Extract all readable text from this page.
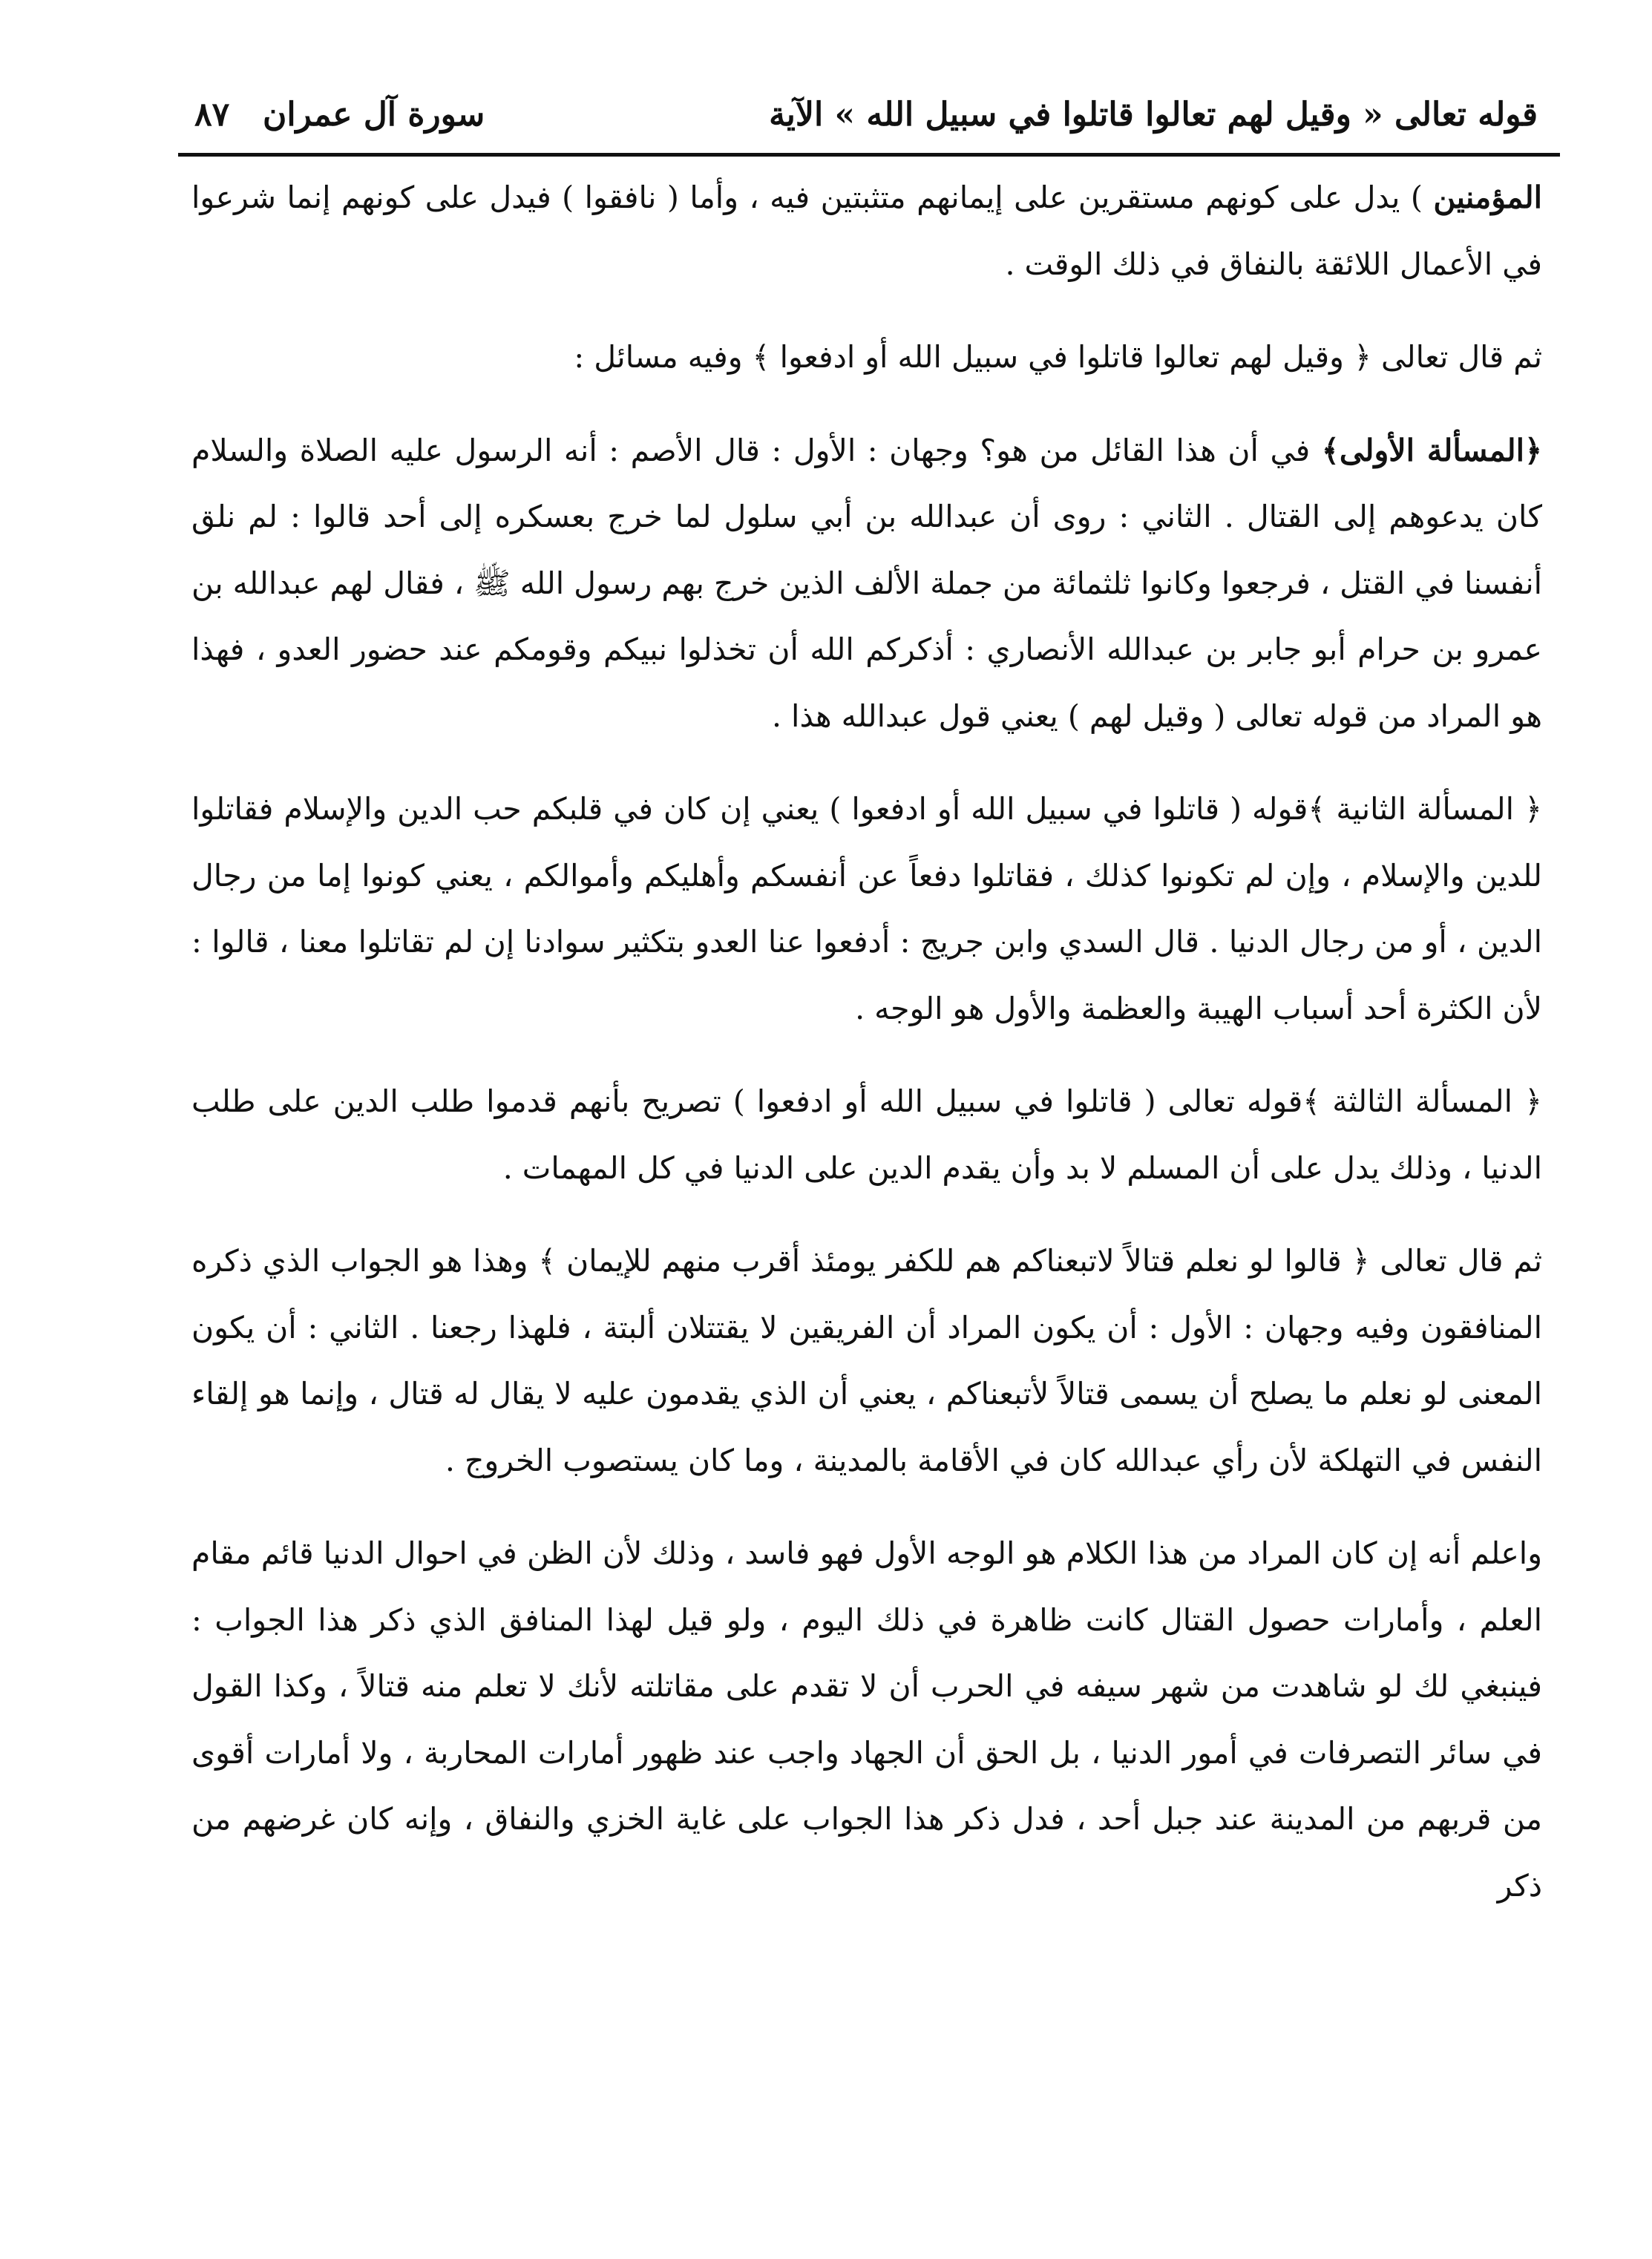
قوله تعالى « وقيل لهم تعالوا قاتلوا في سبيل الله » الآية
سورة آل عمران
٨٧

المؤمنين ) يدل على كونهم مستقرين على إيمانهم متثبتين فيه ، وأما ( نافقوا ) فيدل على كونهم إنما شرعوا في الأعمال اللائقة بالنفاق في ذلك الوقت .

ثم قال تعالى ﴿ وقيل لهم تعالوا قاتلوا في سبيل الله أو ادفعوا ﴾ وفيه مسائل :

﴿المسألة الأولى﴾ في أن هذا القائل من هو؟ وجهان : الأول : قال الأصم : أنه الرسول عليه الصلاة والسلام كان يدعوهم إلى القتال . الثاني : روى أن عبدالله بن أبي سلول لما خرج بعسكره إلى أحد قالوا : لم نلق أنفسنا في القتل ، فرجعوا وكانوا ثلثمائة من جملة الألف الذين خرج بهم رسول الله ﷺ ، فقال لهم عبدالله بن عمرو بن حرام أبو جابر بن عبدالله الأنصاري : أذكركم الله أن تخذلوا نبيكم وقومكم عند حضور العدو ، فهذا هو المراد من قوله تعالى ( وقيل لهم ) يعني قول عبدالله هذا .

﴿ المسألة الثانية ﴾قوله ( قاتلوا في سبيل الله أو ادفعوا ) يعني إن كان في قلبكم حب الدين والإسلام فقاتلوا للدين والإسلام ، وإن لم تكونوا كذلك ، فقاتلوا دفعاً عن أنفسكم وأهليكم وأموالكم ، يعني كونوا إما من رجال الدين ، أو من رجال الدنيا . قال السدي وابن جريج : أدفعوا عنا العدو بتكثير سوادنا إن لم تقاتلوا معنا ، قالوا : لأن الكثرة أحد أسباب الهيبة والعظمة والأول هو الوجه .

﴿ المسألة الثالثة ﴾قوله تعالى ( قاتلوا في سبيل الله أو ادفعوا ) تصريح بأنهم قدموا طلب الدين على طلب الدنيا ، وذلك يدل على أن المسلم لا بد وأن يقدم الدين على الدنيا في كل المهمات .

ثم قال تعالى ﴿ قالوا لو نعلم قتالاً لاتبعناكم هم للكفر يومئذ أقرب منهم للإيمان ﴾ وهذا هو الجواب الذي ذكره المنافقون وفيه وجهان : الأول : أن يكون المراد أن الفريقين لا يقتتلان ألبتة ، فلهذا رجعنا . الثاني : أن يكون المعنى لو نعلم ما يصلح أن يسمى قتالاً لأتبعناكم ، يعني أن الذي يقدمون عليه لا يقال له قتال ، وإنما هو إلقاء النفس في التهلكة لأن رأي عبدالله كان في الأقامة بالمدينة ، وما كان يستصوب الخروج .

واعلم أنه إن كان المراد من هذا الكلام هو الوجه الأول فهو فاسد ، وذلك لأن الظن في احوال الدنيا قائم مقام العلم ، وأمارات حصول القتال كانت ظاهرة في ذلك اليوم ، ولو قيل لهذا المنافق الذي ذكر هذا الجواب : فينبغي لك لو شاهدت من شهر سيفه في الحرب أن لا تقدم على مقاتلته لأنك لا تعلم منه قتالاً ، وكذا القول في سائر التصرفات في أمور الدنيا ، بل الحق أن الجهاد واجب عند ظهور أمارات المحاربة ، ولا أمارات أقوى من قربهم من المدينة عند جبل أحد ، فدل ذكر هذا الجواب على غاية الخزي والنفاق ، وإنه كان غرضهم من ذكر
